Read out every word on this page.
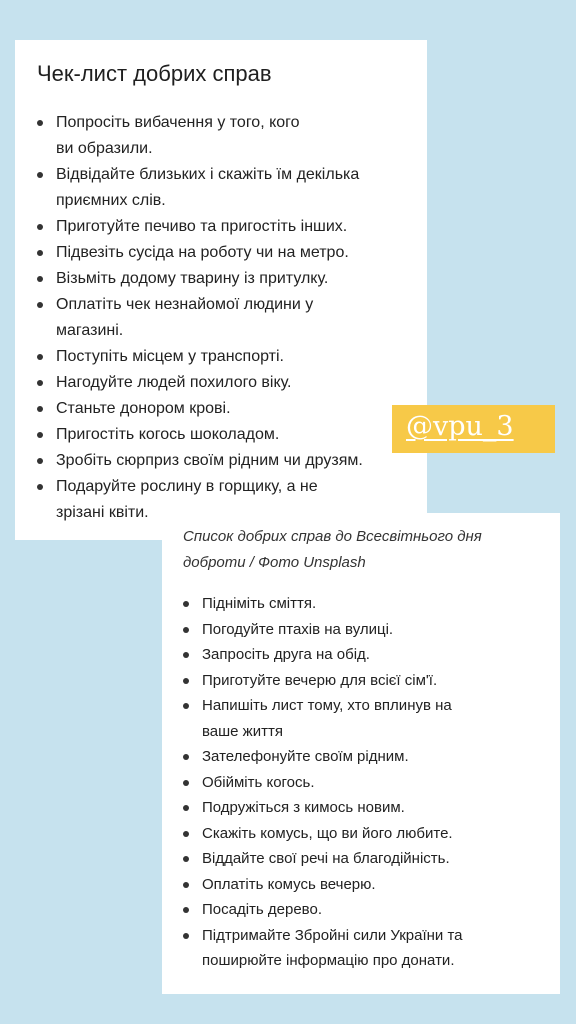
Чек-лист добрих справ
Попросіть вибачення у того, кого
ви образили.
Відвідайте близьких і скажіть їм декілька
приємних слів.
Приготуйте печиво та пригостіть інших.
Підвезіть сусіда на роботу чи на метро.
Візьміть додому тварину із притулку.
Оплатіть чек незнайомої людини у
магазині.
Поступіть місцем у транспорті.
Нагодуйте людей похилого віку.
Станьте донором крові.
Пригостіть когось шоколадом.
Зробіть сюрприз своїм рідним чи друзям.
Подаруйте рослину в горщику, а не
зрізані квіти.
@vpu_3

Список добрих справ до Всесвітнього дня
доброти / Фото Unsplash

Підніміть сміття.
Погодуйте птахів на вулиці.
Запросіть друга на обід.
Приготуйте вечерю для всієї сім'ї.
Напишіть лист тому, хто вплинув на
ваше життя
Зателефонуйте своїм рідним.
Обійміть когось.
Подружіться з кимось новим.
Скажіть комусь, що ви його любите.
Віддайте свої речі на благодійність.
Оплатіть комусь вечерю.
Посадіть дерево.
Підтримайте Збройні сили України та
поширюйте інформацію про донати.
